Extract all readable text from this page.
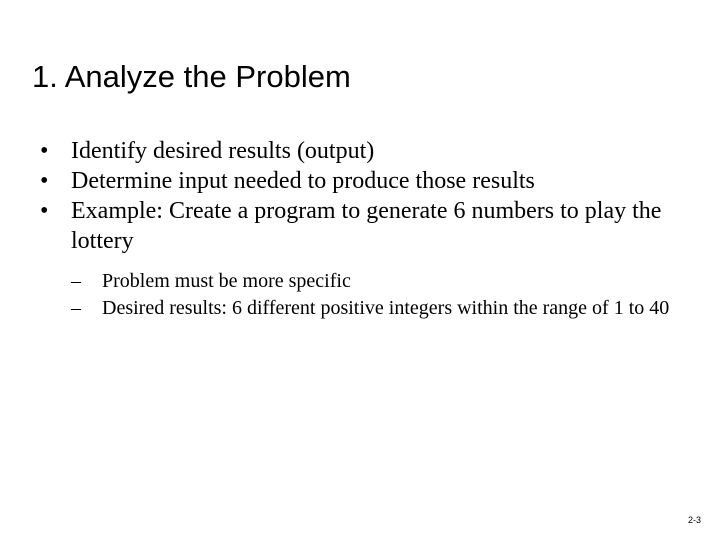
1. Analyze the Problem
• Identify desired results (output)
• Determine input needed to produce those results
• Example: Create a program to generate 6 numbers to play the lottery
– Problem must be more specific
– Desired results: 6 different positive integers within the range of 1 to 40
2-3
